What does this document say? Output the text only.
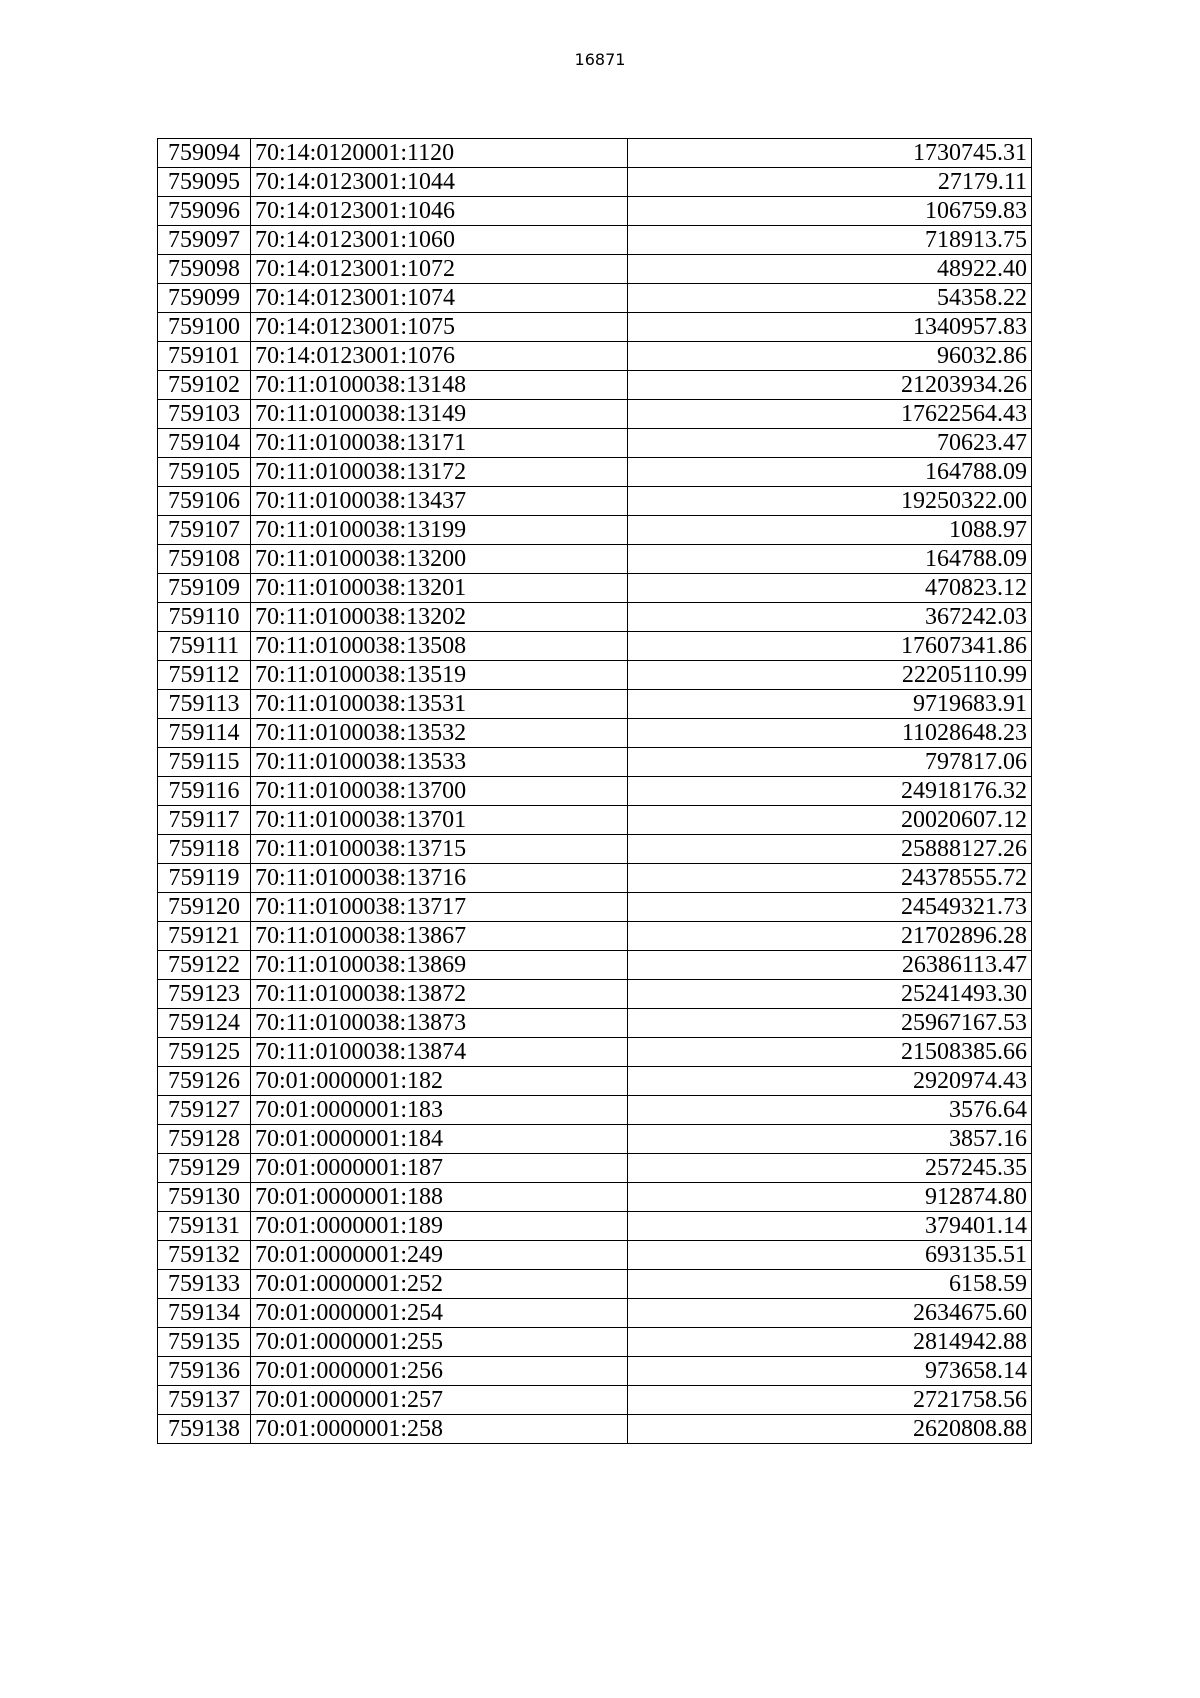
16871
759094	70:14:0120001:1120	1730745.31
759095	70:14:0123001:1044	27179.11
759096	70:14:0123001:1046	106759.83
759097	70:14:0123001:1060	718913.75
759098	70:14:0123001:1072	48922.40
759099	70:14:0123001:1074	54358.22
759100	70:14:0123001:1075	1340957.83
759101	70:14:0123001:1076	96032.86
759102	70:11:0100038:13148	21203934.26
759103	70:11:0100038:13149	17622564.43
759104	70:11:0100038:13171	70623.47
759105	70:11:0100038:13172	164788.09
759106	70:11:0100038:13437	19250322.00
759107	70:11:0100038:13199	1088.97
759108	70:11:0100038:13200	164788.09
759109	70:11:0100038:13201	470823.12
759110	70:11:0100038:13202	367242.03
759111	70:11:0100038:13508	17607341.86
759112	70:11:0100038:13519	22205110.99
759113	70:11:0100038:13531	9719683.91
759114	70:11:0100038:13532	11028648.23
759115	70:11:0100038:13533	797817.06
759116	70:11:0100038:13700	24918176.32
759117	70:11:0100038:13701	20020607.12
759118	70:11:0100038:13715	25888127.26
759119	70:11:0100038:13716	24378555.72
759120	70:11:0100038:13717	24549321.73
759121	70:11:0100038:13867	21702896.28
759122	70:11:0100038:13869	26386113.47
759123	70:11:0100038:13872	25241493.30
759124	70:11:0100038:13873	25967167.53
759125	70:11:0100038:13874	21508385.66
759126	70:01:0000001:182	2920974.43
759127	70:01:0000001:183	3576.64
759128	70:01:0000001:184	3857.16
759129	70:01:0000001:187	257245.35
759130	70:01:0000001:188	912874.80
759131	70:01:0000001:189	379401.14
759132	70:01:0000001:249	693135.51
759133	70:01:0000001:252	6158.59
759134	70:01:0000001:254	2634675.60
759135	70:01:0000001:255	2814942.88
759136	70:01:0000001:256	973658.14
759137	70:01:0000001:257	2721758.56
759138	70:01:0000001:258	2620808.88
